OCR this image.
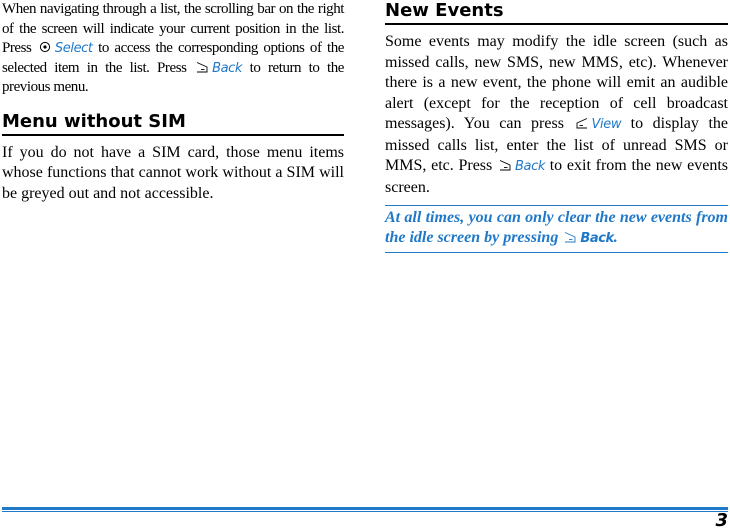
When navigating through a list, the scrolling bar on the right of the screen will indicate your current position in the list. Press Select to access the corresponding options of the selected item in the list. Press Back to return to the previous menu.

Menu without SIM

If you do not have a SIM card, those menu items whose functions that cannot work without a SIM will be greyed out and not accessible.

New Events

Some events may modify the idle screen (such as missed calls, new SMS, new MMS, etc). Whenever there is a new event, the phone will emit an audible alert (except for the reception of cell broadcast messages). You can press View to display the missed calls list, enter the list of unread SMS or MMS, etc. Press Back to exit from the new events screen.

At all times, you can only clear the new events from the idle screen by pressing Back.
3
